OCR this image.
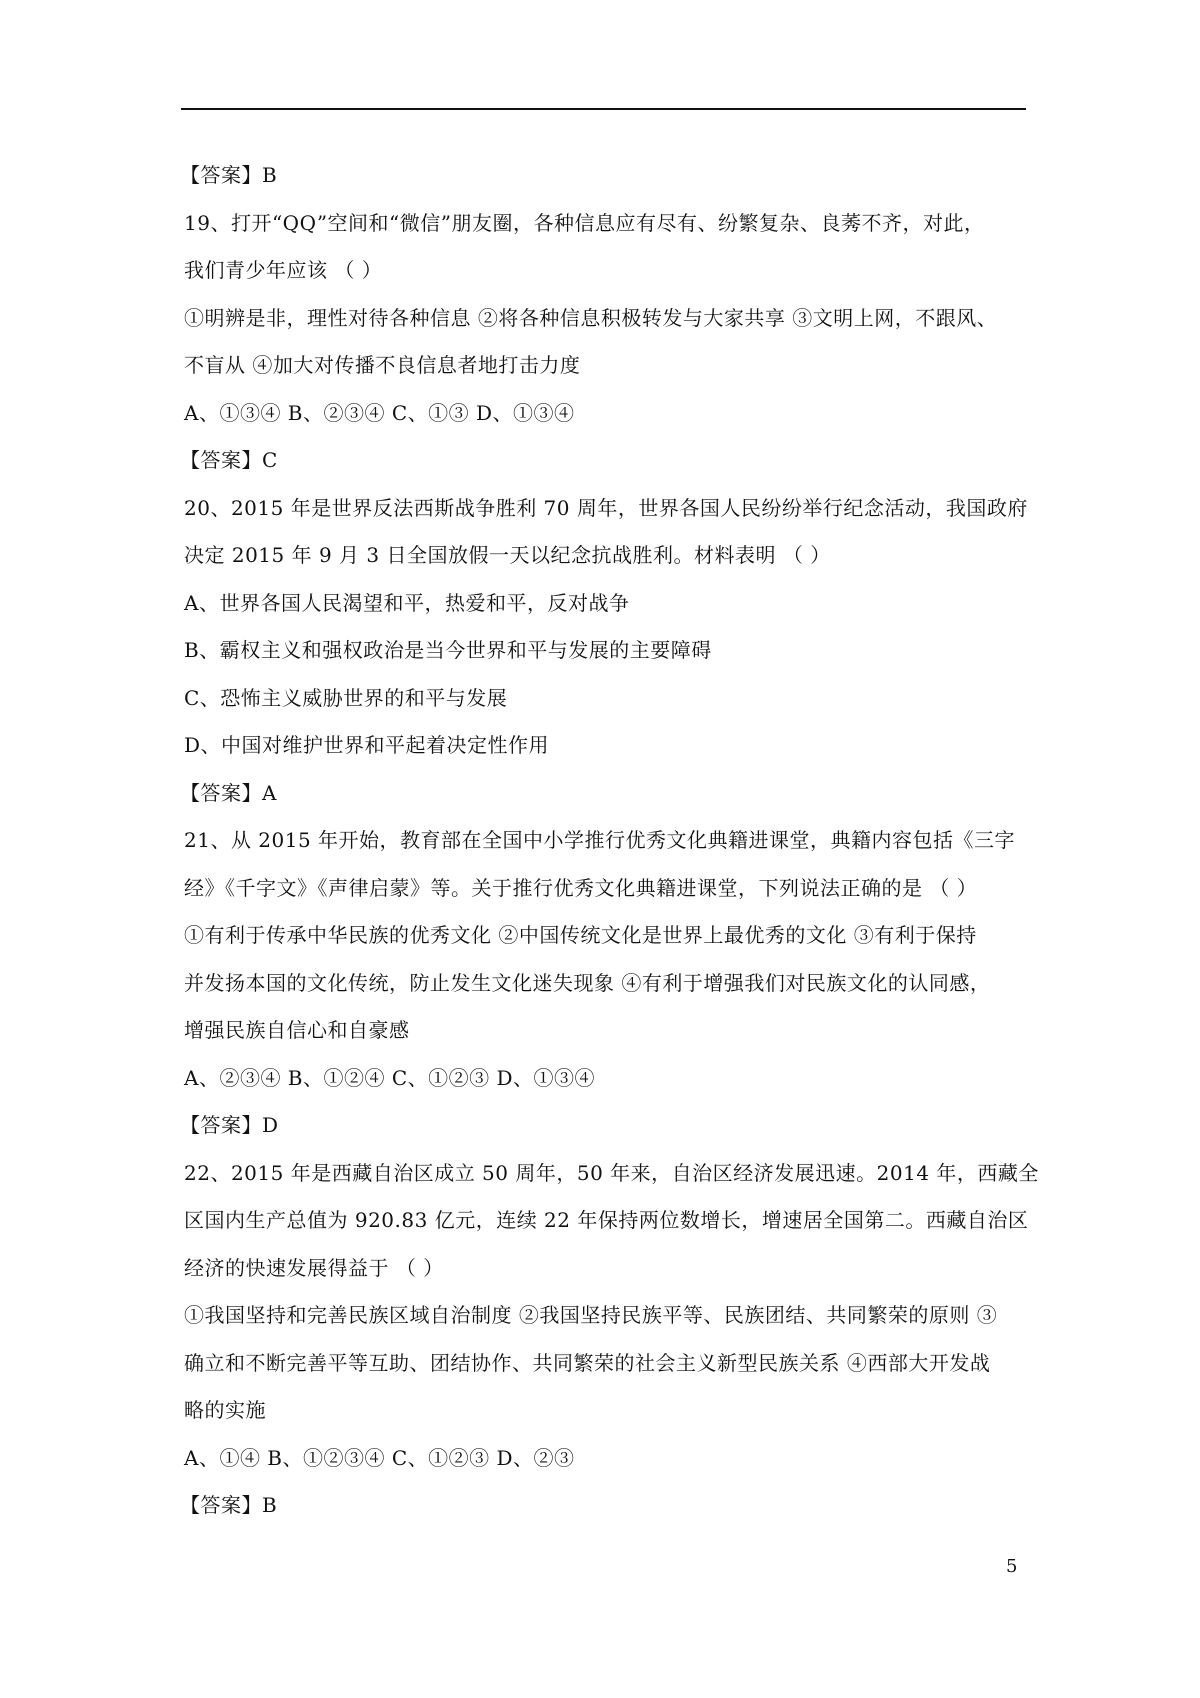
【答案】B
19、打开“QQ”空间和“微信”朋友圈，各种信息应有尽有、纷繁复杂、良莠不齐，对此，
我们青少年应该 （ ）
①明辨是非，理性对待各种信息 ②将各种信息积极转发与大家共享 ③文明上网，不跟风、
不盲从 ④加大对传播不良信息者地打击力度
A、①③④ B、②③④ C、①③ D、①③④
【答案】C
20、2015 年是世界反法西斯战争胜利 70 周年，世界各国人民纷纷举行纪念活动，我国政府
决定 2015 年 9 月 3 日全国放假一天以纪念抗战胜利。材料表明 （ ）
A、世界各国人民渴望和平，热爱和平，反对战争
B、霸权主义和强权政治是当今世界和平与发展的主要障碍
C、恐怖主义威胁世界的和平与发展
D、中国对维护世界和平起着决定性作用
【答案】A
21、从 2015 年开始，教育部在全国中小学推行优秀文化典籍进课堂，典籍内容包括《三字
经》《千字文》《声律启蒙》等。关于推行优秀文化典籍进课堂，下列说法正确的是 （ ）
①有利于传承中华民族的优秀文化 ②中国传统文化是世界上最优秀的文化 ③有利于保持
并发扬本国的文化传统，防止发生文化迷失现象 ④有利于增强我们对民族文化的认同感，
增强民族自信心和自豪感
A、②③④ B、①②④ C、①②③ D、①③④
【答案】D
22、2015 年是西藏自治区成立 50 周年，50 年来，自治区经济发展迅速。2014 年，西藏全
区国内生产总值为 920.83 亿元，连续 22 年保持两位数增长，增速居全国第二。西藏自治区
经济的快速发展得益于 （ ）
①我国坚持和完善民族区域自治制度 ②我国坚持民族平等、民族团结、共同繁荣的原则 ③
确立和不断完善平等互助、团结协作、共同繁荣的社会主义新型民族关系 ④西部大开发战
略的实施
A、①④ B、①②③④ C、①②③ D、②③
【答案】B
5
